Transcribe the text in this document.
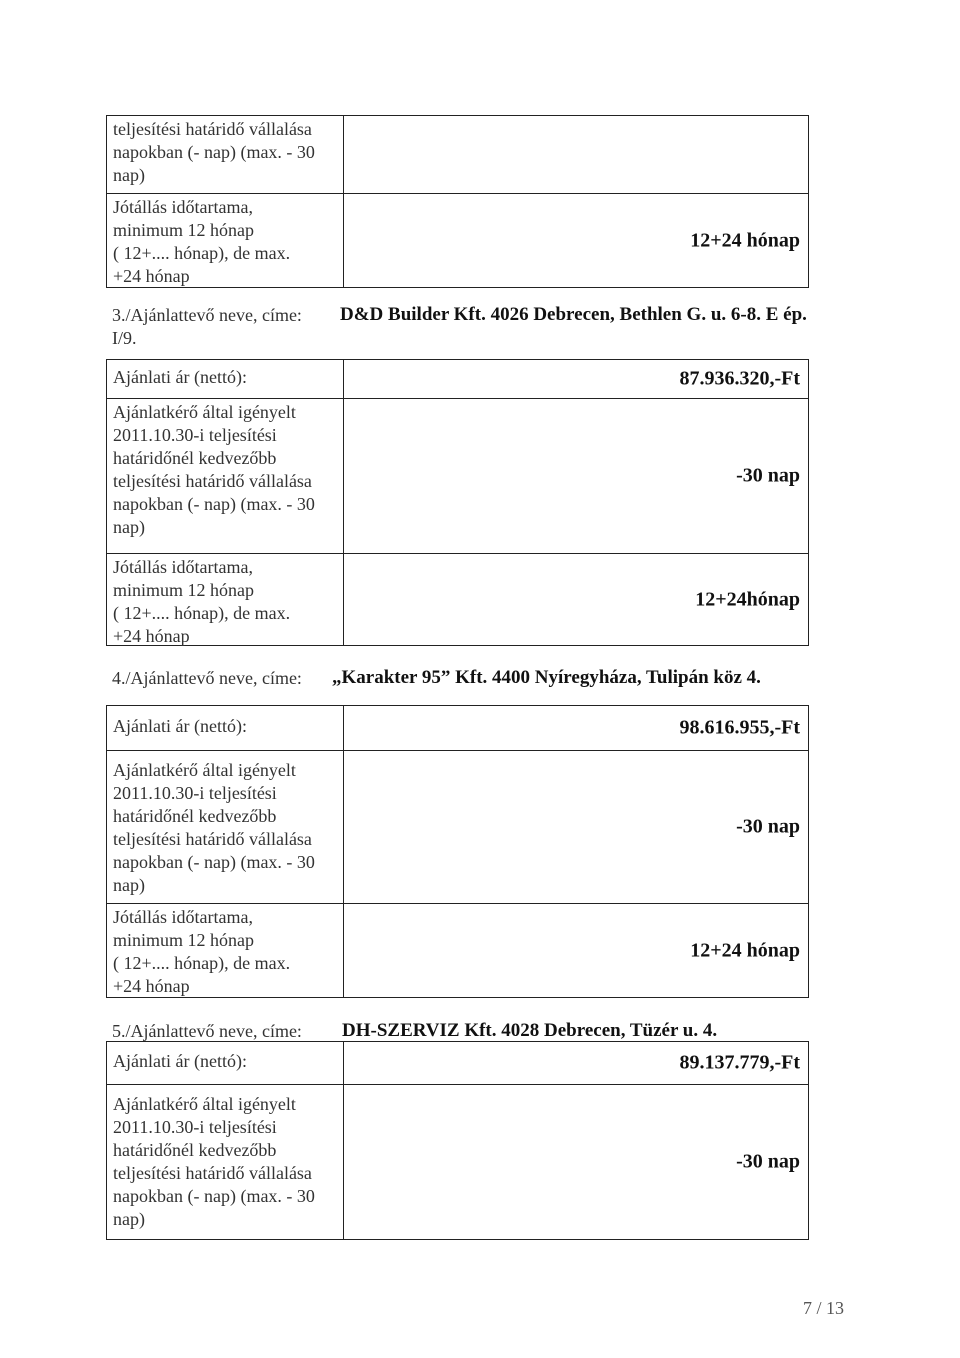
teljesítési határidő vállalása
napokban (- nap) (max. - 30
nap)
Jótállás időtartama,
minimum 12 hónap
( 12+.... hónap), de max.
+24 hónap
12+24 hónap
3./Ajánlattevő neve, címe: D&D Builder Kft. 4026 Debrecen, Bethlen G. u. 6-8. E ép.
I/9.
Ajánlati ár (nettó):	87.936.320,-Ft
Ajánlatkérő által igényelt
2011.10.30-i teljesítési
határidőnél kedvezőbb
teljesítési határidő vállalása
napokban (- nap) (max. - 30
nap)
-30 nap
Jótállás időtartama,
minimum 12 hónap
( 12+.... hónap), de max.
+24 hónap
12+24hónap
4./Ajánlattevő neve, címe: „Karakter 95” Kft. 4400 Nyíregyháza, Tulipán köz 4.
Ajánlati ár (nettó):	98.616.955,-Ft
Ajánlatkérő által igényelt
2011.10.30-i teljesítési
határidőnél kedvezőbb
teljesítési határidő vállalása
napokban (- nap) (max. - 30
nap)
-30 nap
Jótállás időtartama,
minimum 12 hónap
( 12+.... hónap), de max.
+24 hónap
12+24 hónap
5./Ajánlattevő neve, címe: DH-SZERVIZ Kft. 4028 Debrecen, Tüzér u. 4.
Ajánlati ár (nettó):	89.137.779,-Ft
Ajánlatkérő által igényelt
2011.10.30-i teljesítési
határidőnél kedvezőbb
teljesítési határidő vállalása
napokban (- nap) (max. - 30
nap)
-30 nap
7 / 13
